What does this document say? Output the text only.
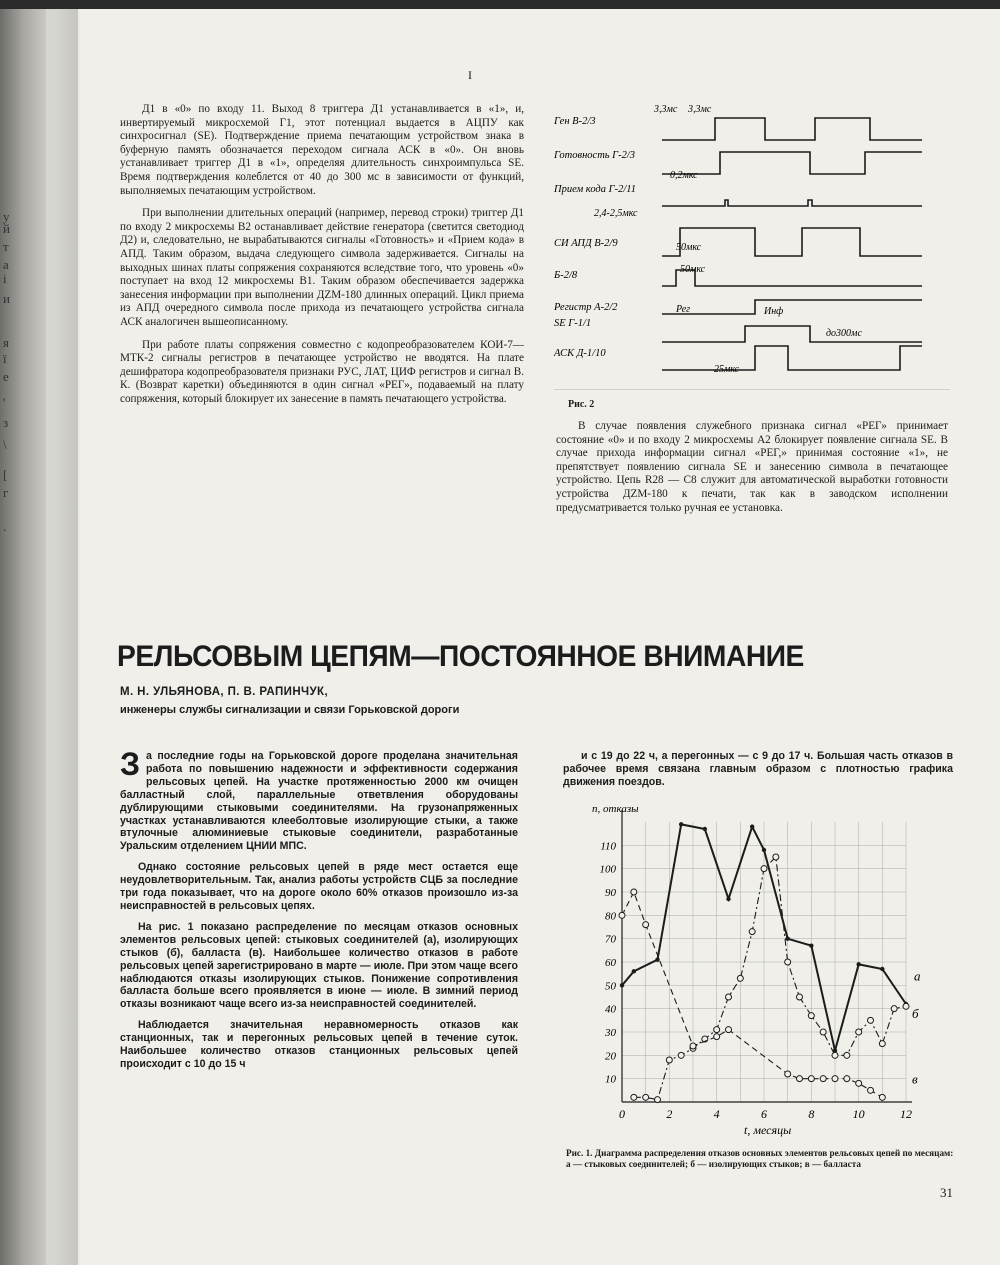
у
й
т
а
і
и
я
ї
е
'
з
\
[
г
.
I

Д1 в «0» по входу 11. Выход 8 триггера Д1 устанавливается в «1», и, инвертируемый микросхемой Г1, этот потенциал выдается в АЦПУ как синхросигнал (SE). Подтверждение приема печатающим устройством знака в буферную память обозначается переходом сигнала АСК в «0». Он вновь устанавливает триггер Д1 в «1», определяя длительность синхроимпульса SE. Время подтверждения колеблется от 40 до 300 мс в зависимости от функций, выполняемых печатающим устройством.

При выполнении длительных операций (например, перевод строки) триггер Д1 по входу 2 микросхемы В2 останавливает действие генератора (светится светодиод Д2) и, следовательно, не вырабатываются сигналы «Готовность» и «Прием кода» в АПД. Таким образом, выдача следующего символа задерживается. Сигналы на выходных шинах платы сопряжения сохраняются вследствие того, что уровень «0» поступает на вход 12 микросхемы В1. Таким образом обеспечивается задержка занесения информации при выполнении ДZM-180 длинных операций. Цикл приема из АПД очередного символа после прихода из печатающего устройства сигнала АСК аналогичен вышеописанному.

При работе платы сопряжения совместно с кодопреобразователем КОИ-7—МТК-2 сигналы регистров в печатающее устройство не вводятся. На плате дешифратора кодопреобразователя признаки РУС, ЛАТ, ЦИФ регистров и сигнал В. К. (Возврат каретки) объединяются в один сигнал «РЕГ», подаваемый на плату сопряжения, который блокирует их занесение в память печатающего устройства.

Ген В-2/3
Готовность Г-2/3
Прием кода Г-2/11
СИ АПД В-2/9
Б-2/8
Регистр А-2/2
SE Г-1/1
АСК Д-1/10
3,3мс 3,3мс
0,2мкс
2,4-2,5мкс
50мкс
50мкс
Рег	Инф
до300мс
25мкс
Рис. 2

В случае появления служебного признака сигнал «РЕГ» принимает состояние «0» и по входу 2 микросхемы А2 блокирует появление сигнала SE. В случае прихода информации сигнал «РЕГ,» принимая состояние «1», не препятствует появлению сигнала SE и занесению символа в печатающее устройство. Цепь R28 — С8 служит для автоматической выработки готовности устройства ДZM-180 к печати, так как в заводском исполнении предусматривается только ручная ее установка.

РЕЛЬСОВЫМ ЦЕПЯМ—ПОСТОЯННОЕ ВНИМАНИЕ
М. Н. УЛЬЯНОВА, П. В. РАПИНЧУК,
инженеры службы сигнализации и связи Горьковской дороги

За последние годы на Горьковской дороге проделана значительная работа по повышению надежности и эффективности содержания рельсовых цепей. На участке протяженностью 2000 км очищен балластный слой, параллельные ответвления оборудованы дублирующими стыковыми соединителями. На грузонапряженных участках устанавливаются клееболтовые изолирующие стыки, а также втулочные алюминиевые стыковые соединители, разработанные Уральским отделением ЦНИИ МПС.

Однако состояние рельсовых цепей в ряде мест остается еще неудовлетворительным. Так, анализ работы устройств СЦБ за последние три года показывает, что на дороге около 60% отказов произошло из-за неисправностей в рельсовых цепях.

На рис. 1 показано распределение по месяцам отказов основных элементов рельсовых цепей: стыковых соединителей (а), изолирующих стыков (б), балласта (в). Наибольшее количество отказов в работе рельсовых цепей зарегистрировано в марте — июле. При этом чаще всего наблюдаются отказы изолирующих стыков. Понижение сопротивления балласта больше всего проявляется в июне — июле. В зимний период отказы возникают чаще всего из-за неисправностей соединителей.

Наблюдается значительная неравномерность отказов как станционных, так и перегонных рельсовых цепей в течение суток. Наибольшее количество отказов станционных рельсовых цепей происходит с 10 до 15 ч

и с 19 до 22 ч, а перегонных — с 9 до 17 ч. Большая часть отказов в рабочее время связана главным образом с плотностью графика движения поездов.

0	2	4	6	8	10	12
10
20
30
40
50
60
70
80
90
100
110
n, отказы
t, месяцы
а
б
в
Рис. 1. Диаграмма распределения отказов основных элементов рельсовых цепей по месяцам: а — стыковых соединителей; б — изолирующих стыков; в — балласта
31
